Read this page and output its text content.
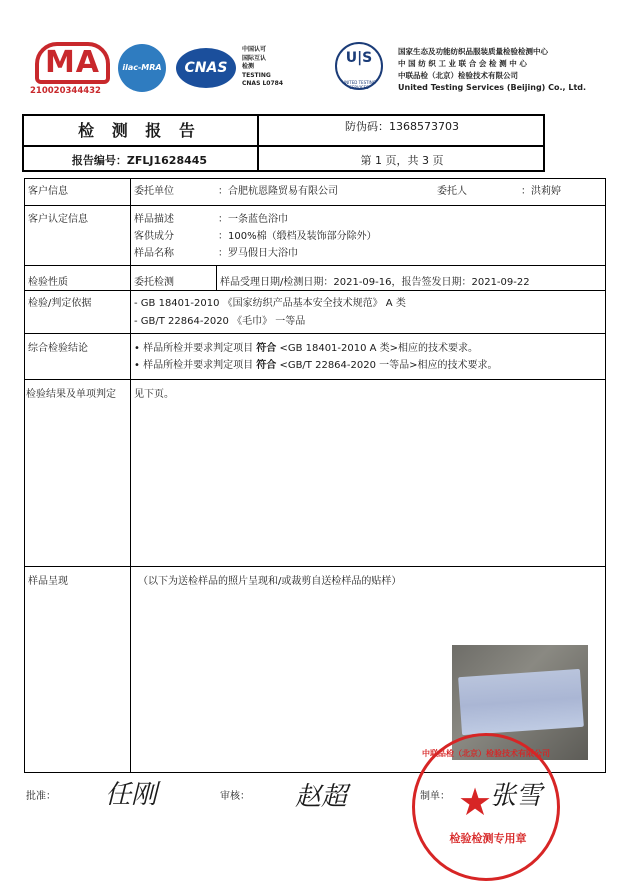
MA
210020344432
ilac-MRA	CNAS
中国认可
国际互认
检测
TESTING
CNAS L0784
U|S
UNITED TESTING SERVICES
国家生态及功能纺织品服装质量检验检测中心
中 国 纺 织 工 业 联 合 会 检 测 中 心
中联品检（北京）检验技术有限公司
United Testing Services (Beijing) Co., Ltd.
检 测 报 告	防伪码：1368573703
报告编号：ZFLJ1628445	第 1 页，共 3 页
客户信息	委托单位	：合肥杭恩隆贸易有限公司	委托人	：洪莉婷
客户认定信息	样品描述	：一条蓝色浴巾
客供成分	：100%棉（缎档及装饰部分除外）
样品名称	：罗马假日大浴巾
检验性质	委托检测	样品受理日期/检测日期：2021-09-16，报告签发日期：2021-09-22
检验/判定依据	- GB 18401-2010 《国家纺织产品基本安全技术规范》 A 类
- GB/T 22864-2020 《毛巾》 一等品
综合检验结论	• 样品所检并要求判定项目 符合 <GB 18401-2010 A 类>相应的技术要求。
• 样品所检并要求判定项目 符合 <GB/T 22864-2020 一等品>相应的技术要求。
检验结果及单项判定 见下页。
样品呈现	（以下为送检样品的照片呈现和/或裁剪自送检样品的贴样）
批准： 任刚	审核： 赵超	制单： 张雪
中联品检（北京）检验技术有限公司
★
检验检测专用章
